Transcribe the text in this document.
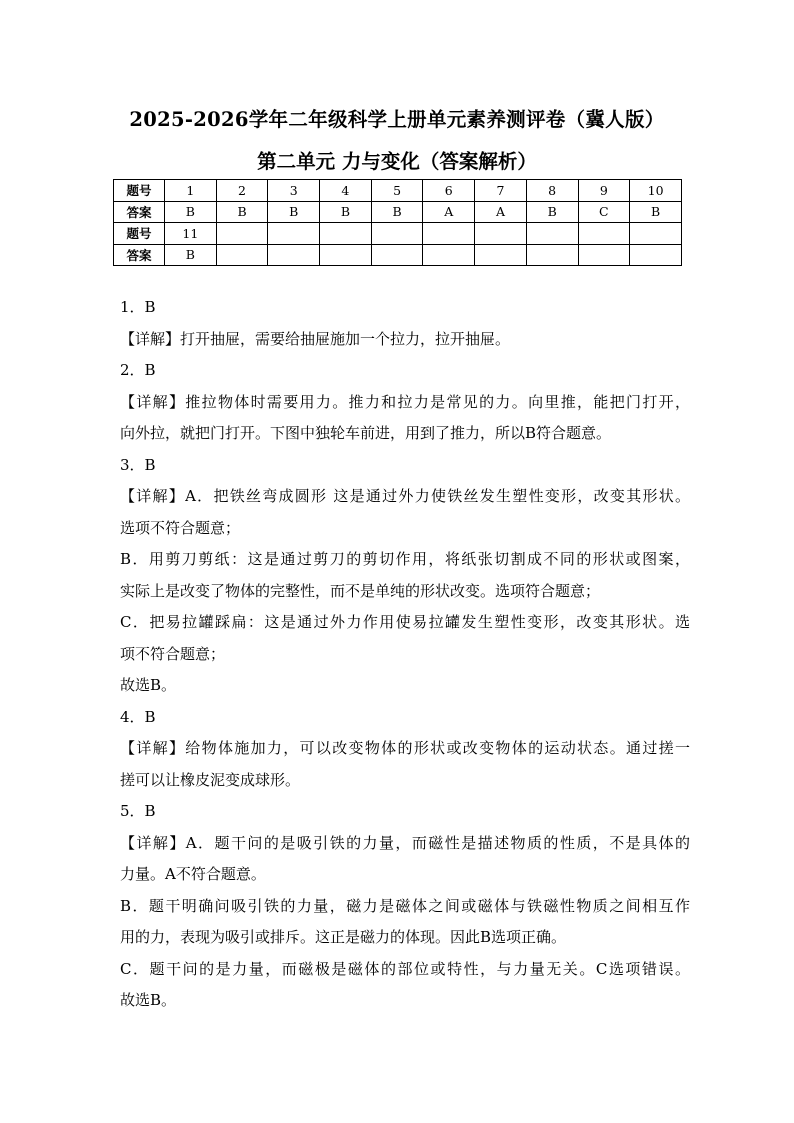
2025-2026学年二年级科学上册单元素养测评卷（冀人版）
第二单元 力与变化（答案解析）
题号	1	2	3	4	5	6	7	8	9	10
答案	B	B	B	B	B	A	A	B	C	B
题号	11									
答案	B									
1．B
【详解】打开抽屉，需要给抽屉施加一个拉力，拉开抽屉。
2．B
【详解】推拉物体时需要用力。推力和拉力是常见的力。向里推，能把门打开，
向外拉，就把门打开。下图中独轮车前进，用到了推力，所以B符合题意。
3．B
【详解】A．把铁丝弯成圆形 这是通过外力使铁丝发生塑性变形，改变其形状。
选项不符合题意；
B．用剪刀剪纸：这是通过剪刀的剪切作用，将纸张切割成不同的形状或图案，
实际上是改变了物体的完整性，而不是单纯的形状改变。选项符合题意；
C．把易拉罐踩扁：这是通过外力作用使易拉罐发生塑性变形，改变其形状。选
项不符合题意；
故选B。
4．B
【详解】给物体施加力，可以改变物体的形状或改变物体的运动状态。通过搓一
搓可以让橡皮泥变成球形。
5．B
【详解】A．题干问的是吸引铁的力量，而磁性是描述物质的性质，不是具体的
力量。A不符合题意。
B．题干明确问吸引铁的力量，磁力是磁体之间或磁体与铁磁性物质之间相互作
用的力，表现为吸引或排斥。这正是磁力的体现。因此B选项正确。
C．题干问的是力量，而磁极是磁体的部位或特性，与力量无关。C选项错误。
故选B。
